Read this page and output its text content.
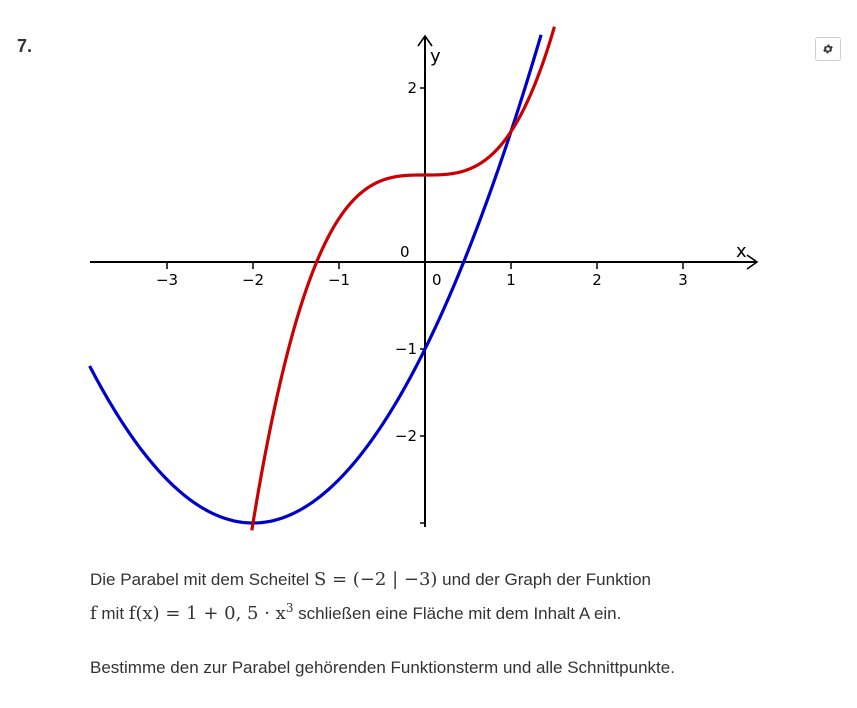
7.
x
y
0
0
−3	−2	−1	1	2	3
2
−1
−2

Die Parabel mit dem Scheitel S = (−2 | −3) und der Graph der Funktion
f mit f(x) = 1 + 0, $5 \cdot x^3$ schließen eine Fläche mit dem Inhalt A ein.

Bestimme den zur Parabel gehörenden Funktionsterm und alle Schnittpunkte.
